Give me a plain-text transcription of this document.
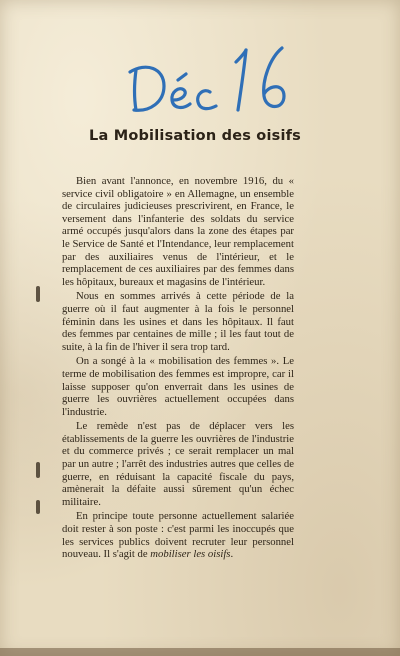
La Mobilisation des oisifs

Bien avant l'annonce, en novembre 1916, du « service civil obligatoire » en Allemagne, un ensemble de circulaires judicieuses prescrivirent, en France, le versement dans l'infanterie des soldats du service armé occupés jusqu'alors dans la zone des étapes par le Service de Santé et l'Intendance, leur remplacement par des auxiliaires venus de l'intérieur, et le remplacement de ces auxiliaires par des femmes dans les hôpitaux, bureaux et magasins de l'intérieur.

Nous en sommes arrivés à cette période de la guerre où il faut augmenter à la fois le personnel féminin dans les usines et dans les hôpitaux. Il faut des femmes par centaines de mille ; il les faut tout de suite, à la fin de l'hiver il sera trop tard.

On a songé à la « mobilisation des femmes ». Le terme de mobilisation des femmes est impropre, car il laisse supposer qu'on enverrait dans les usines de guerre les ouvrières actuellement occupées dans l'industrie.

Le remède n'est pas de déplacer vers les établissements de la guerre les ouvrières de l'industrie et du commerce privés ; ce serait remplacer un mal par un autre ; l'arrêt des industries autres que celles de guerre, en réduisant la capacité fiscale du pays, amènerait la défaite aussi sûrement qu'un échec militaire.

En principe toute personne actuellement salariée doit rester à son poste : c'est parmi les inoccupés que les services publics doivent recruter leur personnel nouveau. Il s'agit de mobiliser les oisifs.
